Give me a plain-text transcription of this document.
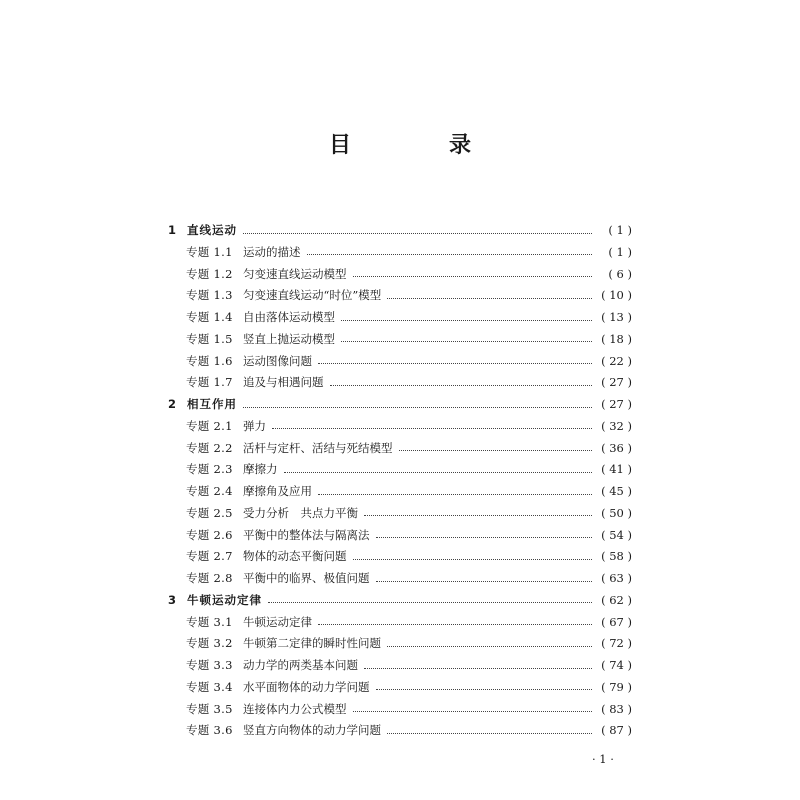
目　录
1 直线运动	( 1 )
专题 1.1 运动的描述	( 1 )
专题 1.2 匀变速直线运动模型	( 6 )
专题 1.3 匀变速直线运动“时位”模型	( 10 )
专题 1.4 自由落体运动模型	( 13 )
专题 1.5 竖直上抛运动模型	( 18 )
专题 1.6 运动图像问题	( 22 )
专题 1.7 追及与相遇问题	( 27 )
2 相互作用	( 27 )
专题 2.1 弹力	( 32 )
专题 2.2 活杆与定杆、活结与死结模型	( 36 )
专题 2.3 摩擦力	( 41 )
专题 2.4 摩擦角及应用	( 45 )
专题 2.5 受力分析　共点力平衡	( 50 )
专题 2.6 平衡中的整体法与隔离法	( 54 )
专题 2.7 物体的动态平衡问题	( 58 )
专题 2.8 平衡中的临界、极值问题	( 63 )
3 牛顿运动定律	( 62 )
专题 3.1 牛顿运动定律	( 67 )
专题 3.2 牛顿第二定律的瞬时性问题	( 72 )
专题 3.3 动力学的两类基本问题	( 74 )
专题 3.4 水平面物体的动力学问题	( 79 )
专题 3.5 连接体内力公式模型	( 83 )
专题 3.6 竖直方向物体的动力学问题	( 87 )
· 1 ·
